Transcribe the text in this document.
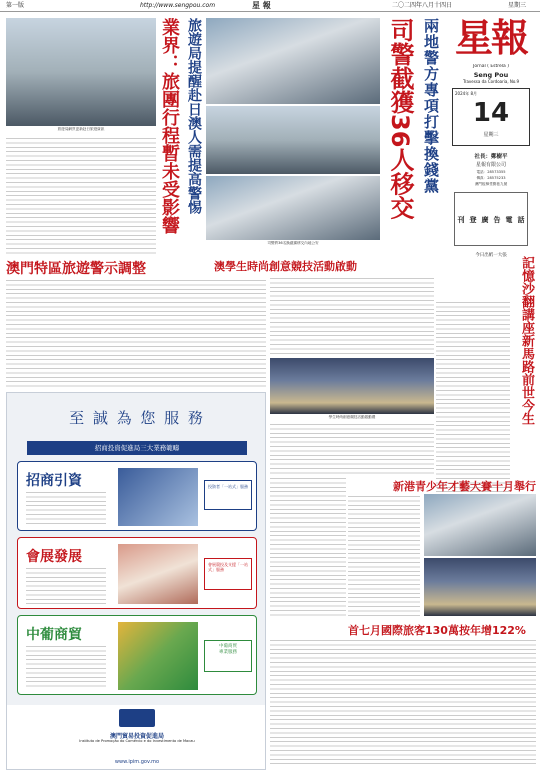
第一版	http://www.sengpou.com	星 報	二〇二四年八月十四日	星期三
星報
Jornal ( Estrela )
Seng Pou
Travessa da Cordoaria, No.9
2024年 8月
14
星期三
社長：鄭樹平
星報有限公司
電話：28573355
傳真：28575233
澳門板樟堂側巷九號
刊 登 廣 告 電 話
今日出紙一大張
兩地警方專項打擊換錢黨
司警截獲36人移交
司警將36名換錢黨移交內地公安
旅遊局網頁更新赴日旅遊資訊	旅遊局提醒赴日澳人需提高警惕
業界：旅團行程暫未受影響
澳門特區旅遊警示調整	澳學生時尚創意競技活動啟動
學生時尚創意競技活動啟動禮	記憶沙翻講座新馬路前世今生
新港青少年才藝大賽十月舉行
首七月國際旅客130萬按年增122%
至 誠 為 您 服 務
招商投資促進局三大業務範疇
招商引資	投資者「一站式」服務
會展發展	會展競投及支援「一站式」服務
中葡商貿
中葡商貿
專業服務
澳門貿易投資促進局
Instituto de Promoção do Comércio e do Investimento de Macau
www.ipim.gov.mo
